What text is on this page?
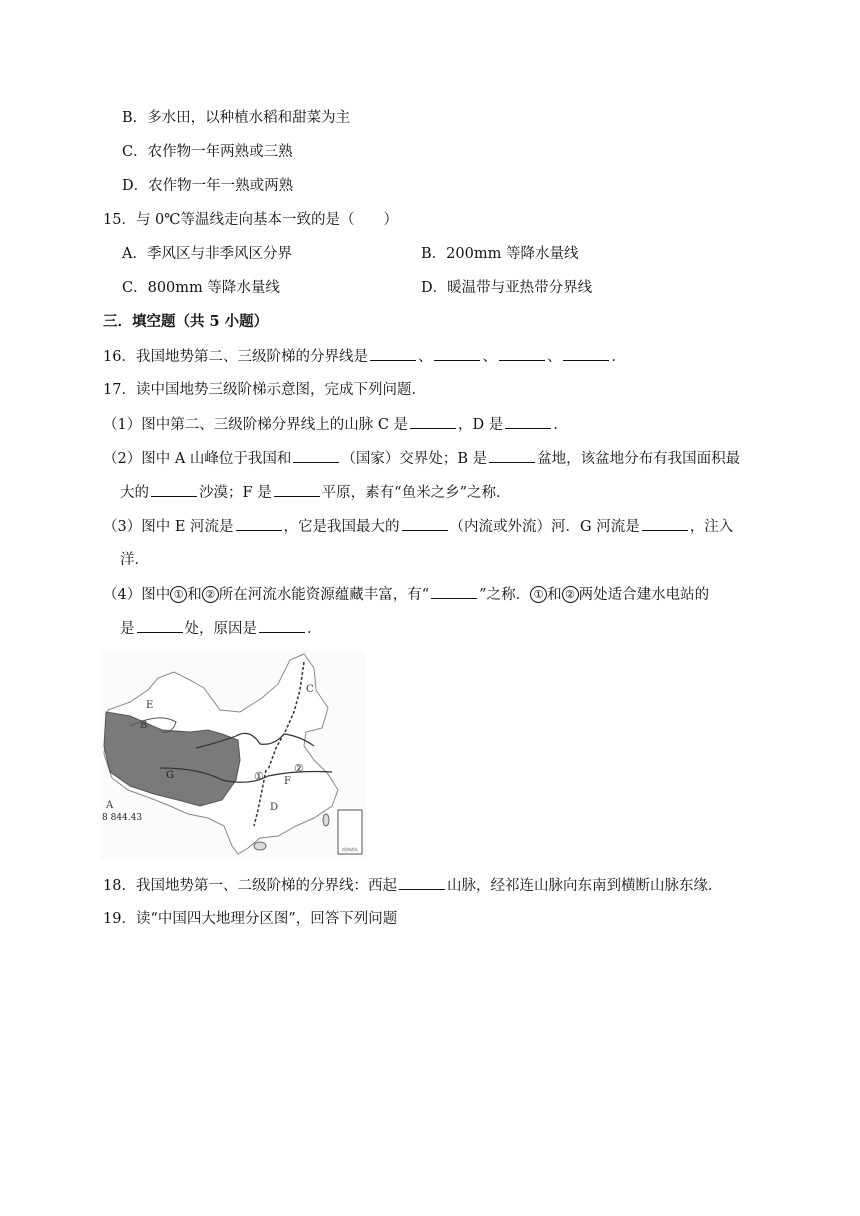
B．多水田，以种植水稻和甜菜为主
C．农作物一年两熟或三熟
D．农作物一年一熟或两熟
15．与 0℃等温线走向基本一致的是（　　）
A．季风区与非季风区分界	B．200mm 等降水量线
C．800mm 等降水量线	D．暖温带与亚热带分界线
三．填空题（共 5 小题）
16．我国地势第二、三级阶梯的分界线是	、	、	、	．
17．读中国地势三级阶梯示意图，完成下列问题．
（1）图中第二、三级阶梯分界线上的山脉 C 是	，D 是	．
（2）图中 A 山峰位于我国和	（国家）交界处；B 是	盆地，该盆地分布有我国面积最
大的	沙漠；F 是	平原，素有“鱼米之乡”之称．
（3）图中 E 河流是	，它是我国最大的	（内流或外流）河．G 河流是	，注入
洋．
（4）图中 ① 和 ② 所在河流水能资源蕴藏丰富，有“	”之称． ① 和 ② 两处适合建水电站的
是	处，原因是	．
南海诸岛
E
B
C
G
F
D
A
8 844.43
①
②
18．我国地势第一、二级阶梯的分界线：西起	山脉，经祁连山脉向东南到横断山脉东缘．
19．读“中国四大地理分区图”，回答下列问题
